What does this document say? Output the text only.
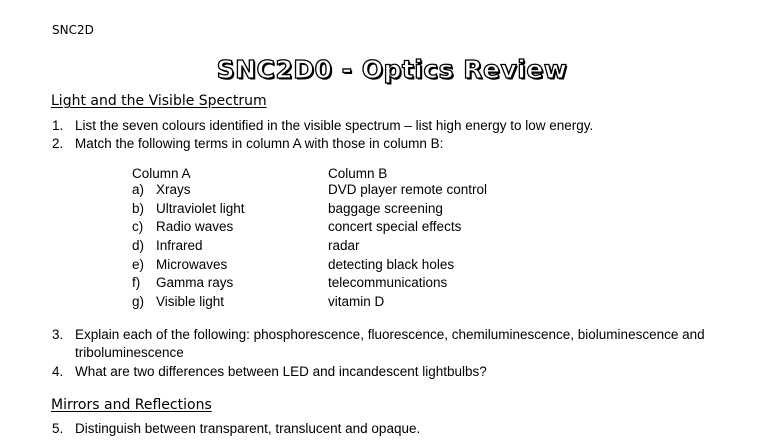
SNC2D
SNC2D0 - Optics Review
Light and the Visible Spectrum
1. List the seven colours identified in the visible spectrum – list high energy to low energy.
2. Match the following terms in column A with those in column B:
Column A	Column B
a) Xrays
b) Ultraviolet light
c) Radio waves
d) Infrared
e) Microwaves
f) Gamma rays
g) Visible light
DVD player remote control
baggage screening
concert special effects
radar
detecting black holes
telecommunications
vitamin D
3. Explain each of the following: phosphorescence, fluorescence, chemiluminescence, bioluminescence and triboluminescence
4. What are two differences between LED and incandescent lightbulbs?
Mirrors and Reflections
5. Distinguish between transparent, translucent and opaque.
